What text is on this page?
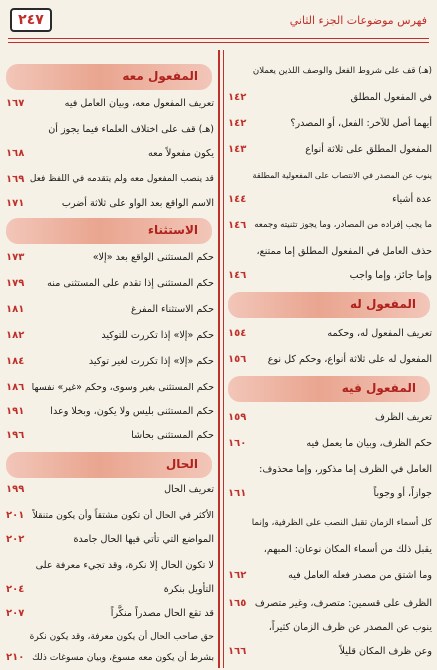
فهرس موضوعات الجزء الثاني
٢٤٧
(هـ) قف على شروط الفعل والوصف اللذين يعملان
في المفعول المطلق
١٤٢
أيهما أصل للآخر: الفعل، أو المصدر؟
١٤٢
المفعول المطلق على ثلاثة أنواع
١٤٣
ينوب عن المصدر في الانتصاب على المفعولية المطلقة
عدة أشياء
١٤٤
ما يجب إفراده من المصادر، وما يجوز تثنيته وجمعه
١٤٦
حذف العامل في المفعول المطلق إما ممتنع،
وإما جائز، وإما واجب
١٤٦
المفعول له
تعريف المفعول له، وحكمه
١٥٤
المفعول له على ثلاثة أنواع، وحكم كل نوع
١٥٦
المفعول فيه
تعريف الظرف
١٥٩
حكم الظرف، وبيان ما يعمل فيه
١٦٠
العامل في الظرف إما مذكور، وإما محذوف:
جوازاً، أو وجوباً
١٦١
كل أسماء الزمان تقبل النصب على الظرفية، وإنما
يقبل ذلك من أسماء المكان نوعان: المبهم،
وما اشتق من مصدر فعله العامل فيه
١٦٢
الظرف على قسمين: متصرف، وغير متصرف
١٦٥
ينوب عن المصدر عن ظرف الزمان كثيراً،
وعن ظرف المكان قليلاً
١٦٦
المفعول معه
تعريف المفعول معه، وبيان العامل فيه
١٦٧
(هـ) قف على اختلاف العلماء فيما يجوز أن
يكون مفعولاً معه
١٦٨
قد ينصب المفعول معه ولم يتقدمه في اللفظ فعل
١٦٩
الاسم الواقع بعد الواو على ثلاثة أضرب
١٧١
الاستثناء
حكم المستثنى الواقع بعد «إلا»
١٧٣
حكم المستثنى إذا تقدم على المستثنى منه
١٧٩
حكم الاستثناء المفرغ
١٨١
حكم «إلا» إذا تكررت للتوكيد
١٨٢
حكم «إلا» إذا تكررت لغير توكيد
١٨٤
حكم المستثنى بغير وسوى، وحكم «غير» نفسها
١٨٦
حكم المستثنى بليس ولا يكون، وبخلا وعدا
١٩١
حكم المستثنى بحاشا
١٩٦
الحال
تعريف الحال
١٩٩
الأكثر في الحال أن تكون مشتقاً وأن يكون متنقلاً
٢٠١
المواضع التي تأتي فيها الحال جامدة
٢٠٢
لا تكون الحال إلا نكرة، وقد تجيء معرفة على
التأويل بنكرة
٢٠٤
قد تقع الحال مصدراً منكَّراً
٢٠٧
حق صاحب الحال أن يكون معرفة، وقد يكون نكرة
بشرط أن يكون معه مسوغ، وبيان مسوغات ذلك
٢١٠
